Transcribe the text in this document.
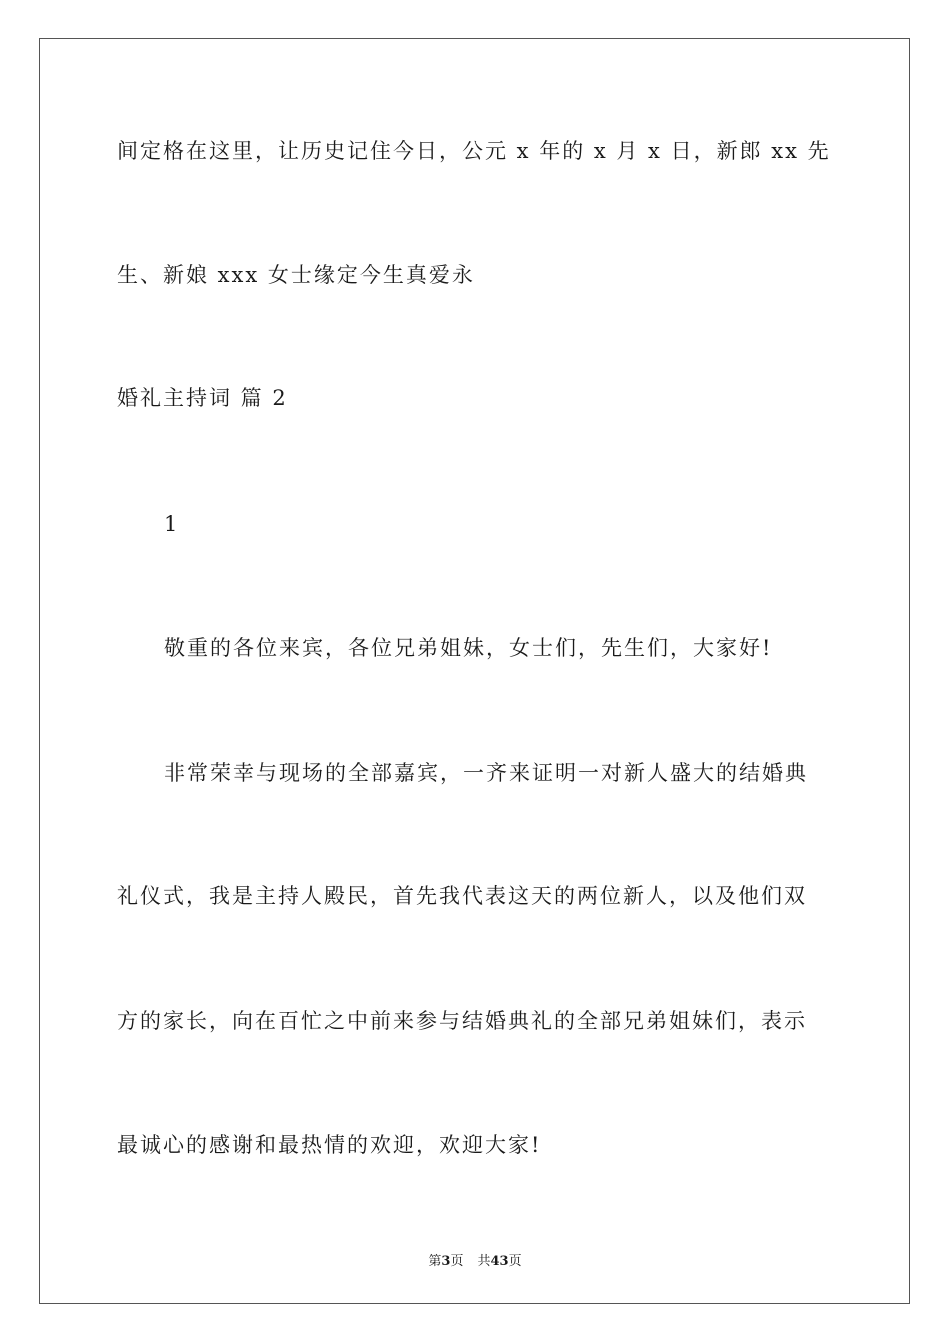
间定格在这里，让历史记住今日，公元 x 年的 x 月 x 日，新郎 xx 先
生、新娘 xxx 女士缘定今生真爱永
婚礼主持词 篇 2
1
敬重的各位来宾，各位兄弟姐妹，女士们，先生们，大家好!
非常荣幸与现场的全部嘉宾，一齐来证明一对新人盛大的结婚典
礼仪式，我是主持人殿民，首先我代表这天的两位新人，以及他们双
方的家长，向在百忙之中前来参与结婚典礼的全部兄弟姐妹们，表示
最诚心的感谢和最热情的欢迎，欢迎大家!
第3页 共43页
